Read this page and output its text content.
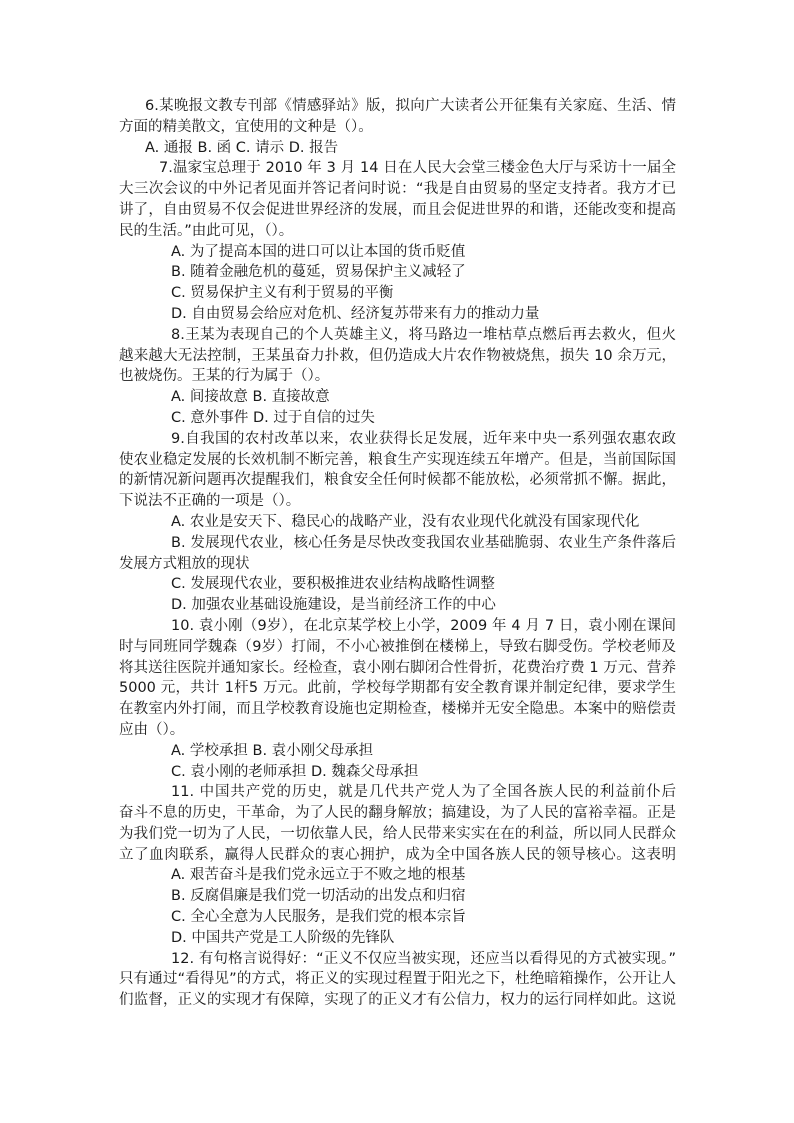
6.某晚报文教专刊部《情感驿站》版，拟向广大读者公开征集有关家庭、生活、情
方面的精美散文，宜使用的文种是（）。
A. 通报 B. 函 C. 请示 D. 报告
7.温家宝总理于 2010 年 3 月 14 日在人民大会堂三楼金色大厅与采访十一届全
大三次会议的中外记者见面并答记者问时说：“我是自由贸易的坚定支持者。我方才已
讲了，自由贸易不仅会促进世界经济的发展，而且会促进世界的和谐，还能改变和提高
民的生活。”由此可见，（）。
A. 为了提高本国的进口可以让本国的货币贬值
B. 随着金融危机的蔓延，贸易保护主义减轻了
C. 贸易保护主义有利于贸易的平衡
D. 自由贸易会给应对危机、经济复苏带来有力的推动力量
8.王某为表现自己的个人英雄主义，将马路边一堆枯草点燃后再去救火，但火
越来越大无法控制，王某虽奋力扑救，但仍造成大片农作物被烧焦，损失 10 余万元，
也被烧伤。王某的行为属于（）。
A. 间接故意 B. 直接故意
C. 意外事件 D. 过于自信的过失
9.自我国的农村改革以来，农业获得长足发展，近年来中央一系列强农惠农政
使农业稳定发展的长效机制不断完善，粮食生产实现连续五年增产。但是，当前国际国
的新情况新问题再次提醒我们，粮食安全任何时候都不能放松，必须常抓不懈。据此，
下说法不正确的一项是（）。
A. 农业是安天下、稳民心的战略产业，没有农业现代化就没有国家现代化
B. 发展现代农业，核心任务是尽快改变我国农业基础脆弱、农业生产条件落后
发展方式粗放的现状
C. 发展现代农业，要积极推进农业结构战略性调整
D. 加强农业基础设施建设，是当前经济工作的中心
10. 袁小刚（9岁），在北京某学校上小学，2009 年 4 月 7 日，袁小刚在课间
时与同班同学魏森（9岁）打闹，不小心被推倒在楼梯上，导致右脚受伤。学校老师及
将其送往医院并通知家长。经检查，袁小刚右脚闭合性骨折，花费治疗费 1 万元、营养
5000 元，共计 1杆5 万元。此前，学校每学期都有安全教育课并制定纪律，要求学生
在教室内外打闹，而且学校教育设施也定期检查，楼梯并无安全隐患。本案中的赔偿责
应由（）。
A. 学校承担 B. 袁小刚父母承担
C. 袁小刚的老师承担 D. 魏森父母承担
11. 中国共产党的历史，就是几代共产党人为了全国各族人民的利益前仆后
奋斗不息的历史，干革命，为了人民的翻身解放；搞建设，为了人民的富裕幸福。正是
为我们党一切为了人民，一切依靠人民，给人民带来实实在在的利益，所以同人民群众
立了血肉联系，赢得人民群众的衷心拥护，成为全中国各族人民的领导核心。这表明
A. 艰苦奋斗是我们党永远立于不败之地的根基
B. 反腐倡廉是我们党一切活动的出发点和归宿
C. 全心全意为人民服务，是我们党的根本宗旨
D. 中国共产党是工人阶级的先锋队
12. 有句格言说得好：“正义不仅应当被实现，还应当以看得见的方式被实现。”
只有通过“看得见”的方式，将正义的实现过程置于阳光之下，杜绝暗箱操作，公开让人
们监督，正义的实现才有保障，实现了的正义才有公信力，权力的运行同样如此。这说
